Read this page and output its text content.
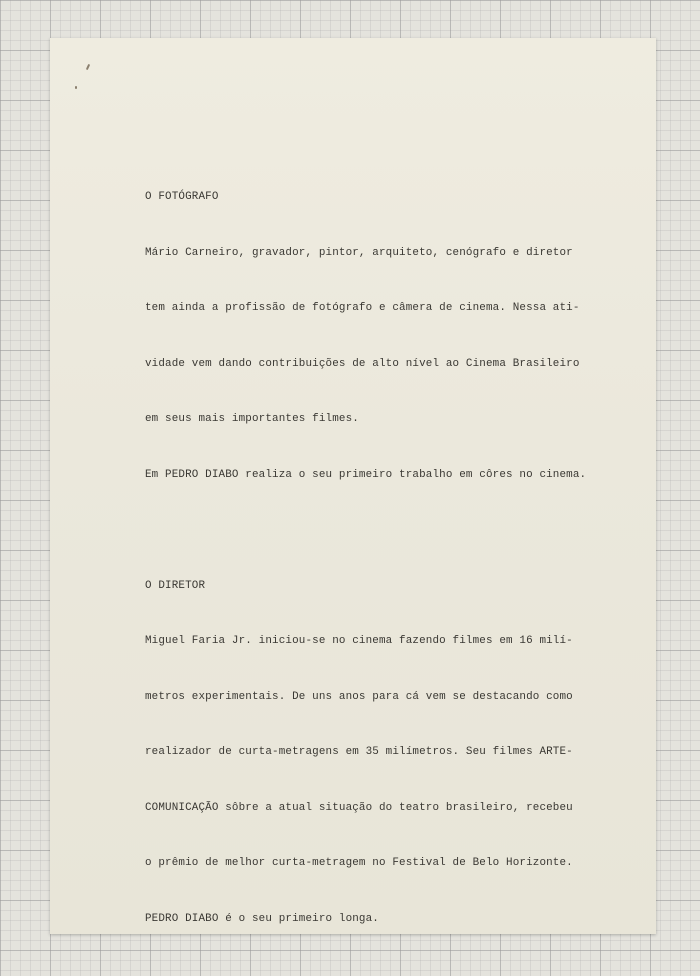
O FOTÓGRAFO

Mário Carneiro, gravador, pintor, arquiteto, cenógrafo e diretor

tem ainda a profissão de fotógrafo e câmera de cinema. Nessa ati-

vidade vem dando contribuições de alto nível ao Cinema Brasileiro

em seus mais importantes filmes.

Em PEDRO DIABO realiza o seu primeiro trabalho em côres no cinema.

O DIRETOR

Miguel Faria Jr. iniciou-se no cinema fazendo filmes em 16 milí-

metros experimentais. De uns anos para cá vem se destacando como

realizador de curta-metragens em 35 milímetros. Seu filmes ARTE-

COMUNICAÇÃO sôbre a atual situação do teatro brasileiro, recebeu

o prêmio de melhor curta-metragem no Festival de Belo Horizonte.

PEDRO DIABO é o seu primeiro longa.
